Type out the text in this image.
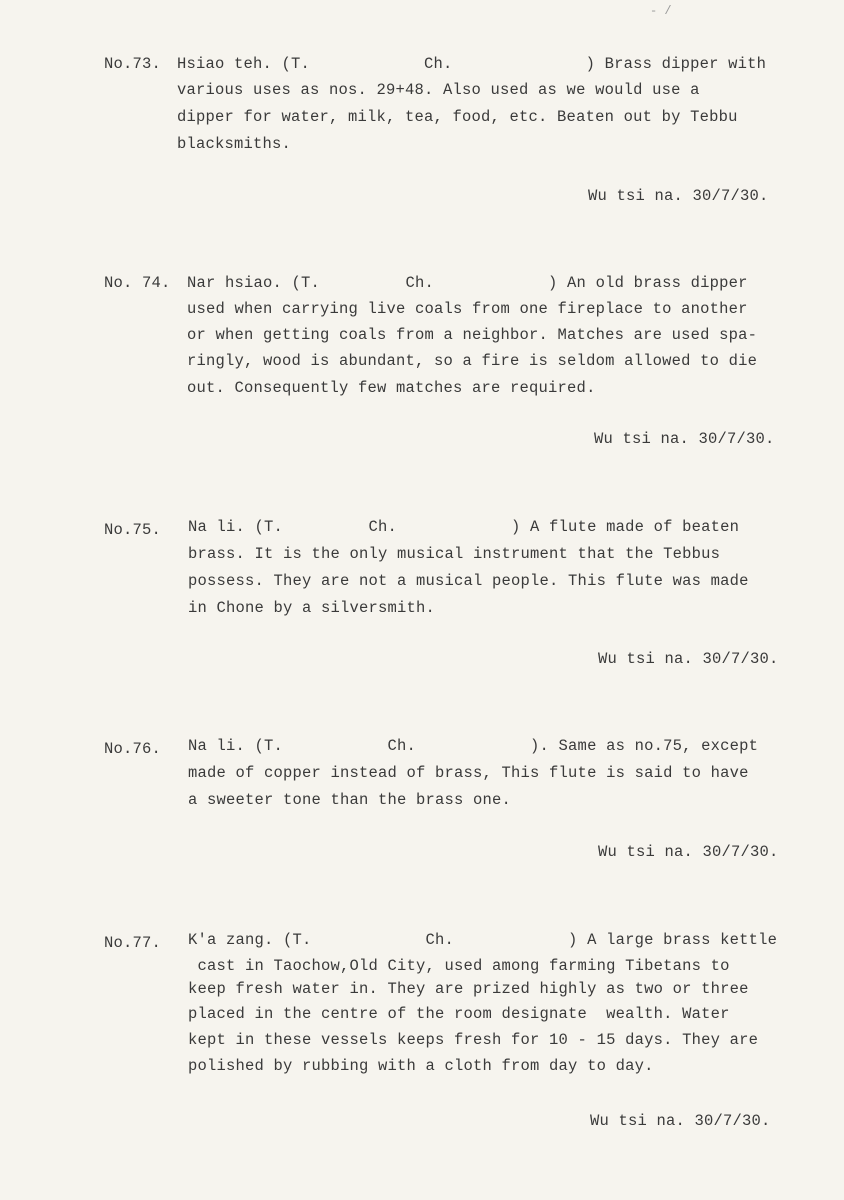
- /
No.73. Hsiao teh. (T.            Ch.              ) Brass dipper with
various uses as nos. 29+48. Also used as we would use a
dipper for water, milk, tea, food, etc. Beaten out by Tebbu
blacksmiths.
Wu tsi na. 30/7/30.
No. 74. Nar hsiao. (T.         Ch.            ) An old brass dipper
used when carrying live coals from one fireplace to another
or when getting coals from a neighbor. Matches are used spa-
ringly, wood is abundant, so a fire is seldom allowed to die
out. Consequently few matches are required.
Wu tsi na. 30/7/30.
No.75. Na li. (T.         Ch.            ) A flute made of beaten
brass. It is the only musical instrument that the Tebbus
possess. They are not a musical people. This flute was made
in Chone by a silversmith.
Wu tsi na. 30/7/30.
No.76. Na li. (T.           Ch.            ). Same as no.75, except
made of copper instead of brass, This flute is said to have
a sweeter tone than the brass one.
Wu tsi na. 30/7/30.
No.77. K'a zang. (T.            Ch.            ) A large brass kettle
cast in Taochow,Old City, used among farming Tibetans to
keep fresh water in. They are prized highly as two or three
placed in the centre of the room designate  wealth. Water
kept in these vessels keeps fresh for 10 - 15 days. They are
polished by rubbing with a cloth from day to day.
Wu tsi na. 30/7/30.
